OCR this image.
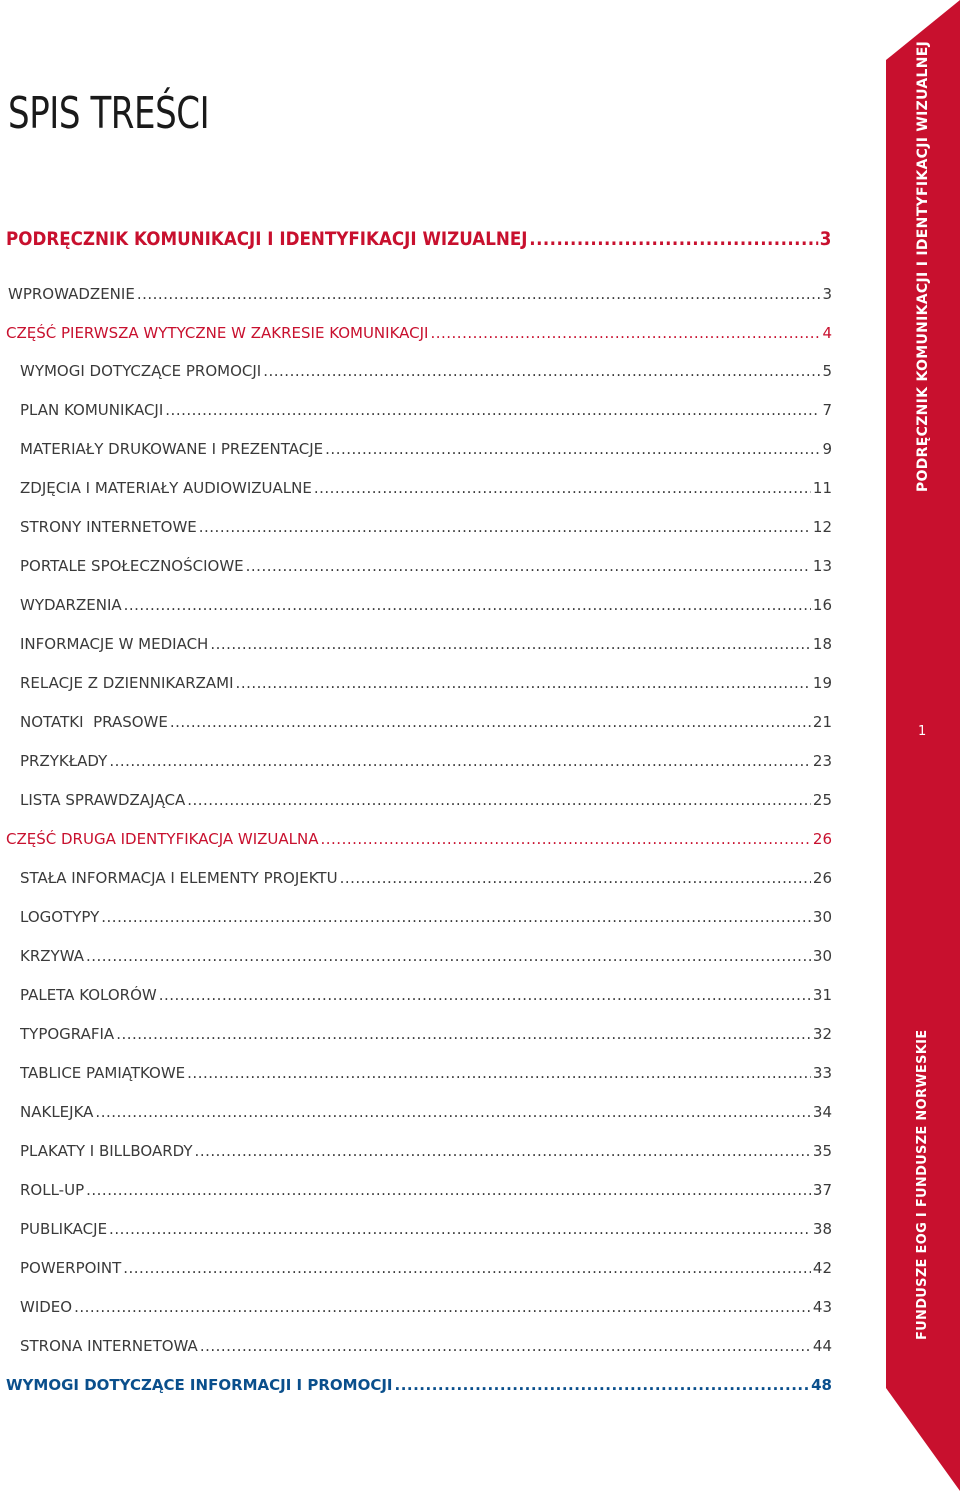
PODRĘCZNIK KOMUNIKACJI I IDENTYFIKACJI WIZUALNEJ
FUNDUSZE EOG I FUNDUSZE NORWESKIE
1
SPIS TREŚCI
PODRĘCZNIK KOMUNIKACJI I IDENTYFIKACJI WIZUALNEJ .....	3
WPROWADZENIE .....	3
CZĘŚĆ PIERWSZA WYTYCZNE W ZAKRESIE KOMUNIKACJI .....	4
WYMOGI DOTYCZĄCE PROMOCJI .....	5
PLAN KOMUNIKACJI .....	7
MATERIAŁY DRUKOWANE I PREZENTACJE .....	9
ZDJĘCIA I MATERIAŁY AUDIOWIZUALNE .....	11
STRONY INTERNETOWE .....	12
PORTALE SPOŁECZNOŚCIOWE .....	13
WYDARZENIA .....	16
INFORMACJE W MEDIACH .....	18
RELACJE Z DZIENNIKARZAMI .....	19
NOTATKI  PRASOWE .....	21
PRZYKŁADY .....	23
LISTA SPRAWDZAJĄCA .....	25
CZĘŚĆ DRUGA IDENTYFIKACJA WIZUALNA .....	26
STAŁA INFORMACJA I ELEMENTY PROJEKTU .....	26
LOGOTYPY .....	30
KRZYWA .....	30
PALETA KOLORÓW .....	31
TYPOGRAFIA .....	32
TABLICE PAMIĄTKOWE .....	33
NAKLEJKA .....	34
PLAKATY I BILLBOARDY .....	35
ROLL-UP .....	37
PUBLIKACJE .....	38
POWERPOINT .....	42
WIDEO .....	43
STRONA INTERNETOWA .....	44
WYMOGI DOTYCZĄCE INFORMACJI I PROMOCJI .....	48
